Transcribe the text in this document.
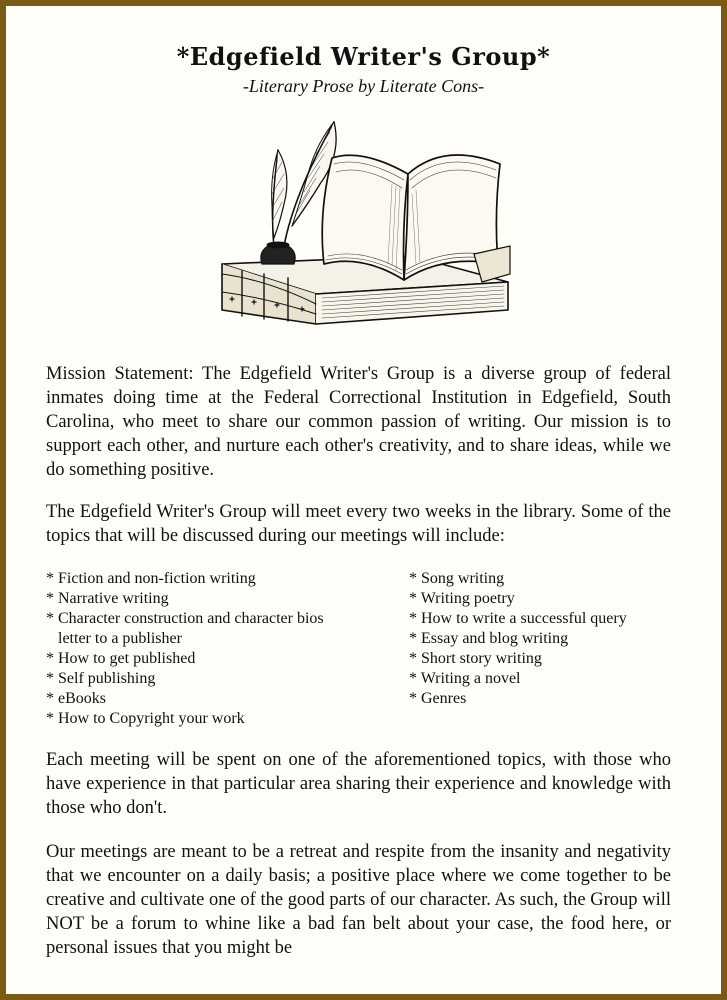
*Edgefield Writer's Group*
-Literary Prose by Literate Cons-
Mission Statement: The Edgefield Writer's Group is a diverse group of federal inmates doing time at the Federal Correctional Institution in Edgefield, South Carolina, who meet to share our common passion of writing. Our mission is to support each other, and nurture each other's creativity, and to share ideas, while we do something positive.
The Edgefield Writer's Group will meet every two weeks in the library. Some of the topics that will be discussed during our meetings will include:
* Fiction and non-fiction writing
* Narrative writing
* Character construction and character bios
letter to a publisher
* How to get published
* Self publishing
* eBooks
* How to Copyright your work
* Song writing
* Writing poetry
* How to write a successful query
* Essay and blog writing
* Short story writing
* Writing a novel
* Genres
Each meeting will be spent on one of the aforementioned topics, with those who have experience in that particular area sharing their experience and knowledge with those who don't.
Our meetings are meant to be a retreat and respite from the insanity and negativity that we encounter on a daily basis; a positive place where we come together to be creative and cultivate one of the good parts of our character. As such, the Group will NOT be a forum to whine like a bad fan belt about your case, the food here, or personal issues that you might be
